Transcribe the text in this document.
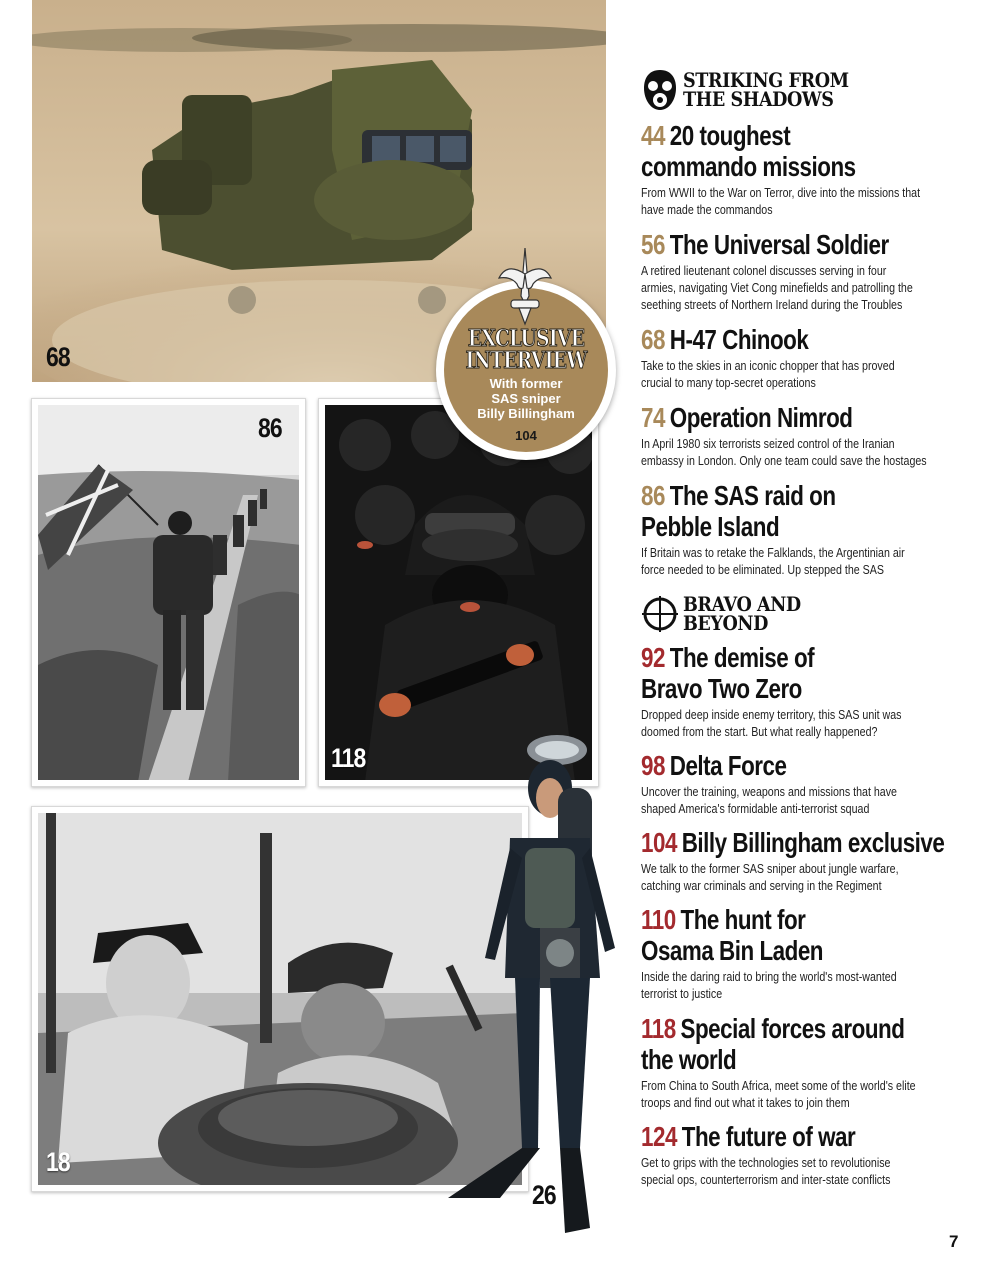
68
86
118
18
26
EXCLUSIVE
INTERVIEW
With former
SAS sniper
Billy Billingham
104
STRIKING FROM
THE SHADOWS
44 20 toughest
commando missions
From WWII to the War on Terror, dive into the missions that
have made the commandos
56 The Universal Soldier
A retired lieutenant colonel discusses serving in four
armies, navigating Viet Cong minefields and patrolling the
seething streets of Northern Ireland during the Troubles
68 H-47 Chinook
Take to the skies in an iconic chopper that has proved
crucial to many top-secret operations
74 Operation Nimrod
In April 1980 six terrorists seized control of the Iranian
embassy in London. Only one team could save the hostages
86 The SAS raid on
Pebble Island
If Britain was to retake the Falklands, the Argentinian air
force needed to be eliminated. Up stepped the SAS
BRAVO AND
BEYOND
92 The demise of
Bravo Two Zero
Dropped deep inside enemy territory, this SAS unit was
doomed from the start. But what really happened?
98 Delta Force
Uncover the training, weapons and missions that have
shaped America's formidable anti-terrorist squad
104 Billy Billingham exclusive
We talk to the former SAS sniper about jungle warfare,
catching war criminals and serving in the Regiment
110 The hunt for
Osama Bin Laden
Inside the daring raid to bring the world's most-wanted
terrorist to justice
118 Special forces around
the world
From China to South Africa, meet some of the world's elite
troops and find out what it takes to join them
124 The future of war
Get to grips with the technologies set to revolutionise
special ops, counterterrorism and inter-state conflicts
7
